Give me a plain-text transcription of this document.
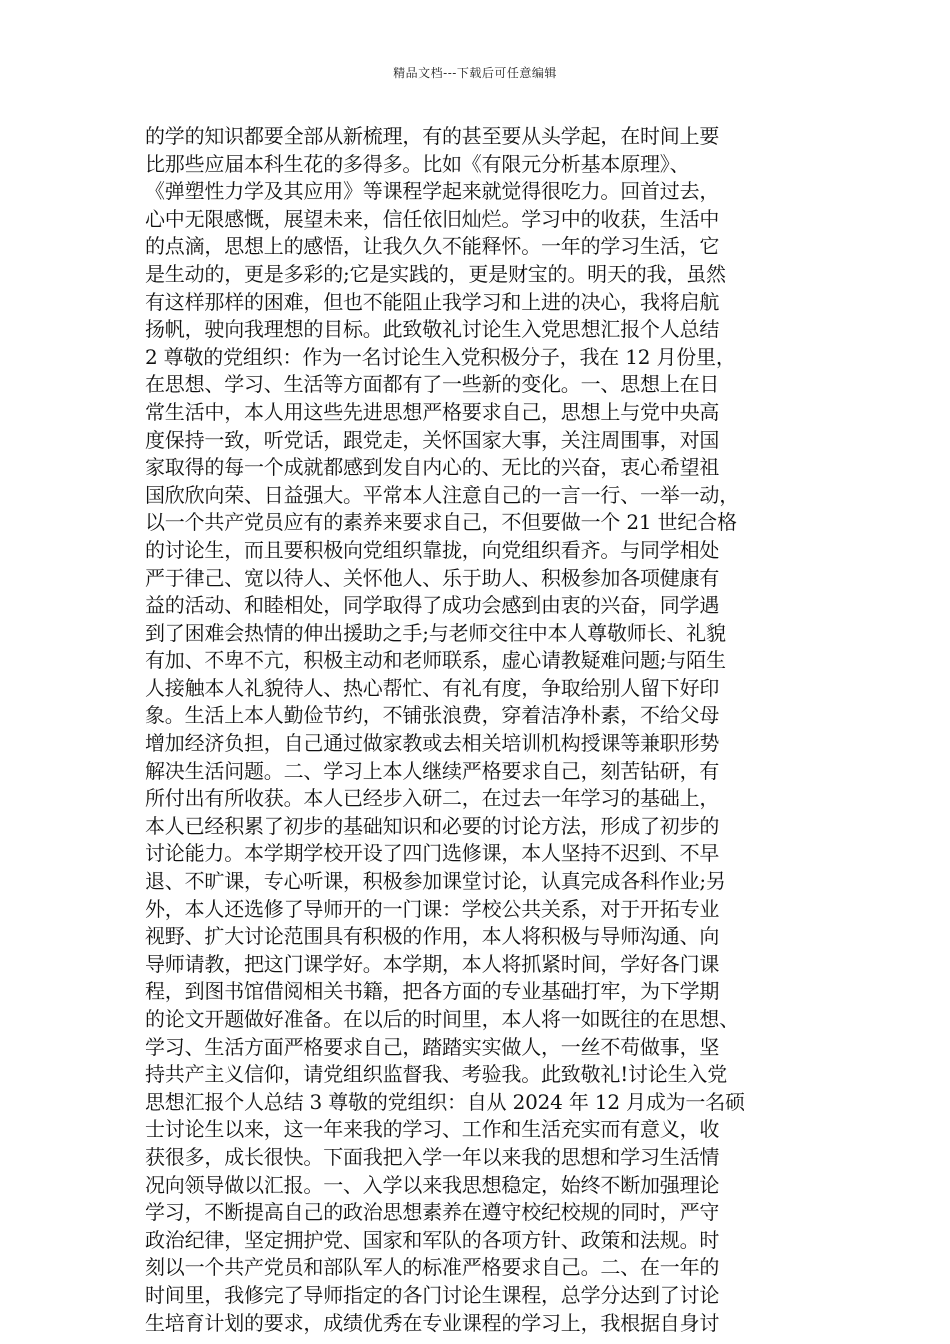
精品文档---下载后可任意编辑
的学的知识都要全部从新梳理，有的甚至要从头学起，在时间上要
比那些应届本科生花的多得多。比如《有限元分析基本原理》、
《弹塑性力学及其应用》等课程学起来就觉得很吃力。回首过去，
心中无限感慨，展望未来，信任依旧灿烂。学习中的收获，生活中
的点滴，思想上的感悟，让我久久不能释怀。一年的学习生活，它
是生动的，更是多彩的;它是实践的，更是财宝的。明天的我，虽然
有这样那样的困难，但也不能阻止我学习和上进的决心，我将启航
扬帆，驶向我理想的目标。此致敬礼讨论生入党思想汇报个人总结
2 尊敬的党组织：作为一名讨论生入党积极分子，我在 12 月份里，
在思想、学习、生活等方面都有了一些新的变化。一、思想上在日
常生活中，本人用这些先进思想严格要求自己，思想上与党中央高
度保持一致，听党话，跟党走，关怀国家大事，关注周围事，对国
家取得的每一个成就都感到发自内心的、无比的兴奋，衷心希望祖
国欣欣向荣、日益强大。平常本人注意自己的一言一行、一举一动，
以一个共产党员应有的素养来要求自己，不但要做一个 21 世纪合格
的讨论生，而且要积极向党组织靠拢，向党组织看齐。与同学相处
严于律己、宽以待人、关怀他人、乐于助人、积极参加各项健康有
益的活动、和睦相处，同学取得了成功会感到由衷的兴奋，同学遇
到了困难会热情的伸出援助之手;与老师交往中本人尊敬师长、礼貌
有加、不卑不亢，积极主动和老师联系，虚心请教疑难问题;与陌生
人接触本人礼貌待人、热心帮忙、有礼有度，争取给别人留下好印
象。生活上本人勤俭节约，不铺张浪费，穿着洁净朴素，不给父母
增加经济负担，自己通过做家教或去相关培训机构授课等兼职形势
解决生活问题。二、学习上本人继续严格要求自己，刻苦钻研，有
所付出有所收获。本人已经步入研二，在过去一年学习的基础上，
本人已经积累了初步的基础知识和必要的讨论方法，形成了初步的
讨论能力。本学期学校开设了四门选修课，本人坚持不迟到、不早
退、不旷课，专心听课，积极参加课堂讨论，认真完成各科作业;另
外，本人还选修了导师开的一门课：学校公共关系，对于开拓专业
视野、扩大讨论范围具有积极的作用，本人将积极与导师沟通、向
导师请教，把这门课学好。本学期，本人将抓紧时间，学好各门课
程，到图书馆借阅相关书籍，把各方面的专业基础打牢，为下学期
的论文开题做好准备。在以后的时间里，本人将一如既往的在思想、
学习、生活方面严格要求自己，踏踏实实做人，一丝不苟做事，坚
持共产主义信仰，请党组织监督我、考验我。此致敬礼!讨论生入党
思想汇报个人总结 3 尊敬的党组织：自从 2024 年 12 月成为一名硕
士讨论生以来，这一年来我的学习、工作和生活充实而有意义，收
获很多，成长很快。下面我把入学一年以来我的思想和学习生活情
况向领导做以汇报。一、入学以来我思想稳定，始终不断加强理论
学习，不断提高自己的政治思想素养在遵守校纪校规的同时，严守
政治纪律，坚定拥护党、国家和军队的各项方针、政策和法规。时
刻以一个共产党员和部队军人的标准严格要求自己。二、在一年的
时间里，我修完了导师指定的各门讨论生课程，总学分达到了讨论
生培育计划的要求，成绩优秀在专业课程的学习上，我根据自身讨
